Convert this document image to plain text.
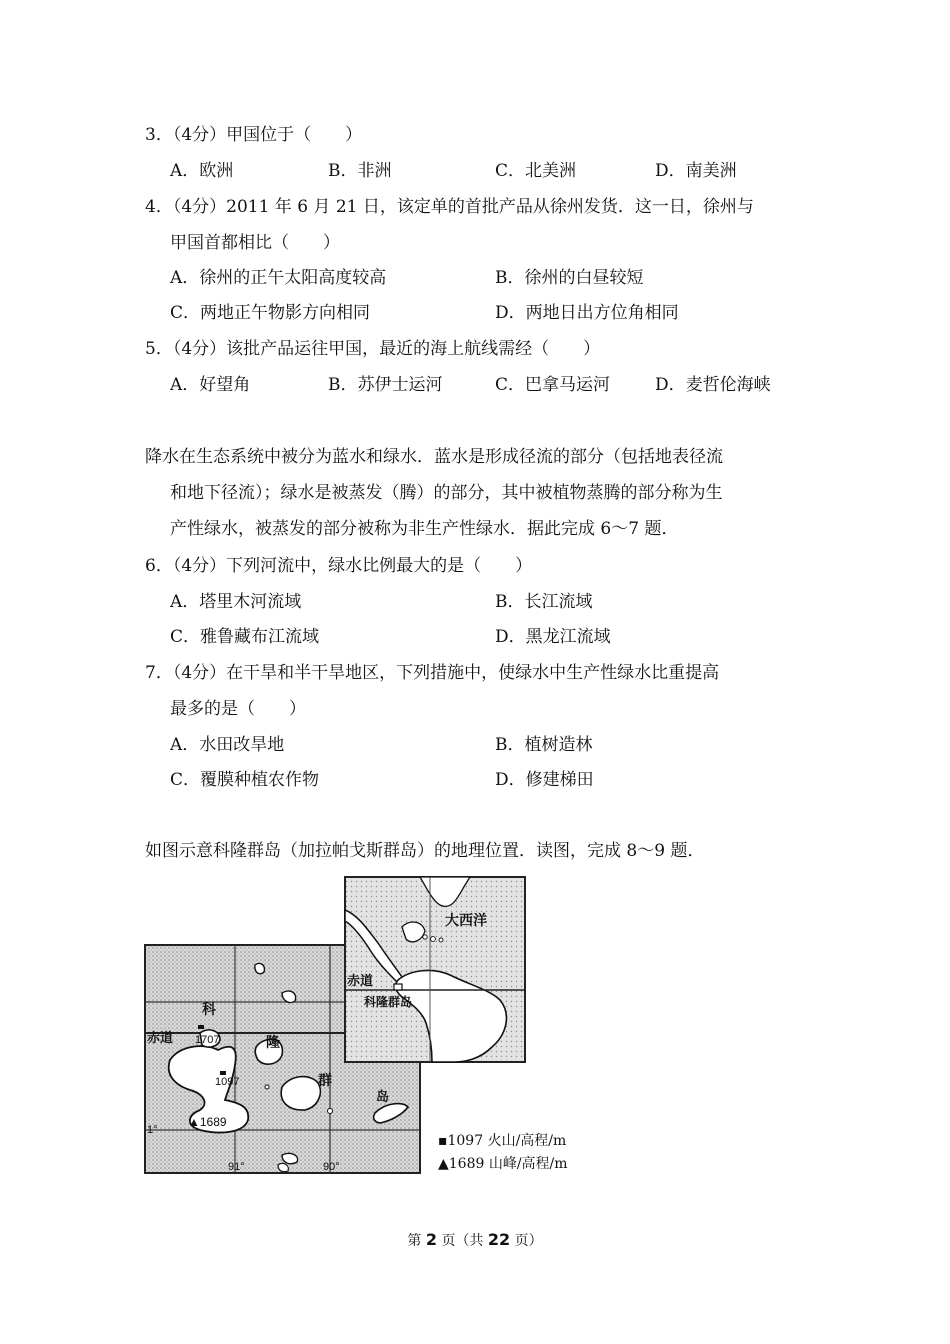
3．（4分）甲国位于（　　）
A．欧洲	B．非洲	C．北美洲	D．南美洲
4．（4分）2011 年 6 月 21 日，该定单的首批产品从徐州发货．这一日，徐州与
甲国首都相比（　　）
A．徐州的正午太阳高度较高	B．徐州的白昼较短
C．两地正午物影方向相同	D．两地日出方位角相同
5．（4分）该批产品运往甲国，最近的海上航线需经（　　）
A．好望角	B．苏伊士运河	C．巴拿马运河	D．麦哲伦海峡
降水在生态系统中被分为蓝水和绿水．蓝水是形成径流的部分（包括地表径流
和地下径流）；绿水是被蒸发（腾）的部分，其中被植物蒸腾的部分称为生
产性绿水，被蒸发的部分被称为非生产性绿水．据此完成 6～7 题．
6．（4分）下列河流中，绿水比例最大的是（　　）
A．塔里木河流域	B．长江流域
C．雅鲁藏布江流域	D．黑龙江流域
7．（4分）在干旱和半干旱地区，下列措施中，使绿水中生产性绿水比重提高
最多的是（　　）
A．水田改旱地	B．植树造林
C．覆膜种植农作物	D．修建梯田
如图示意科隆群岛（加拉帕戈斯群岛）的地理位置．读图，完成 8～9 题．
科
赤道 1707
1097
▲1689
隆
群
岛
1°
91°	90°
大西洋
赤道
科隆群岛
▪1097 火山/高程/m
▲1689 山峰/高程/m
第 2 页（共 22 页）
